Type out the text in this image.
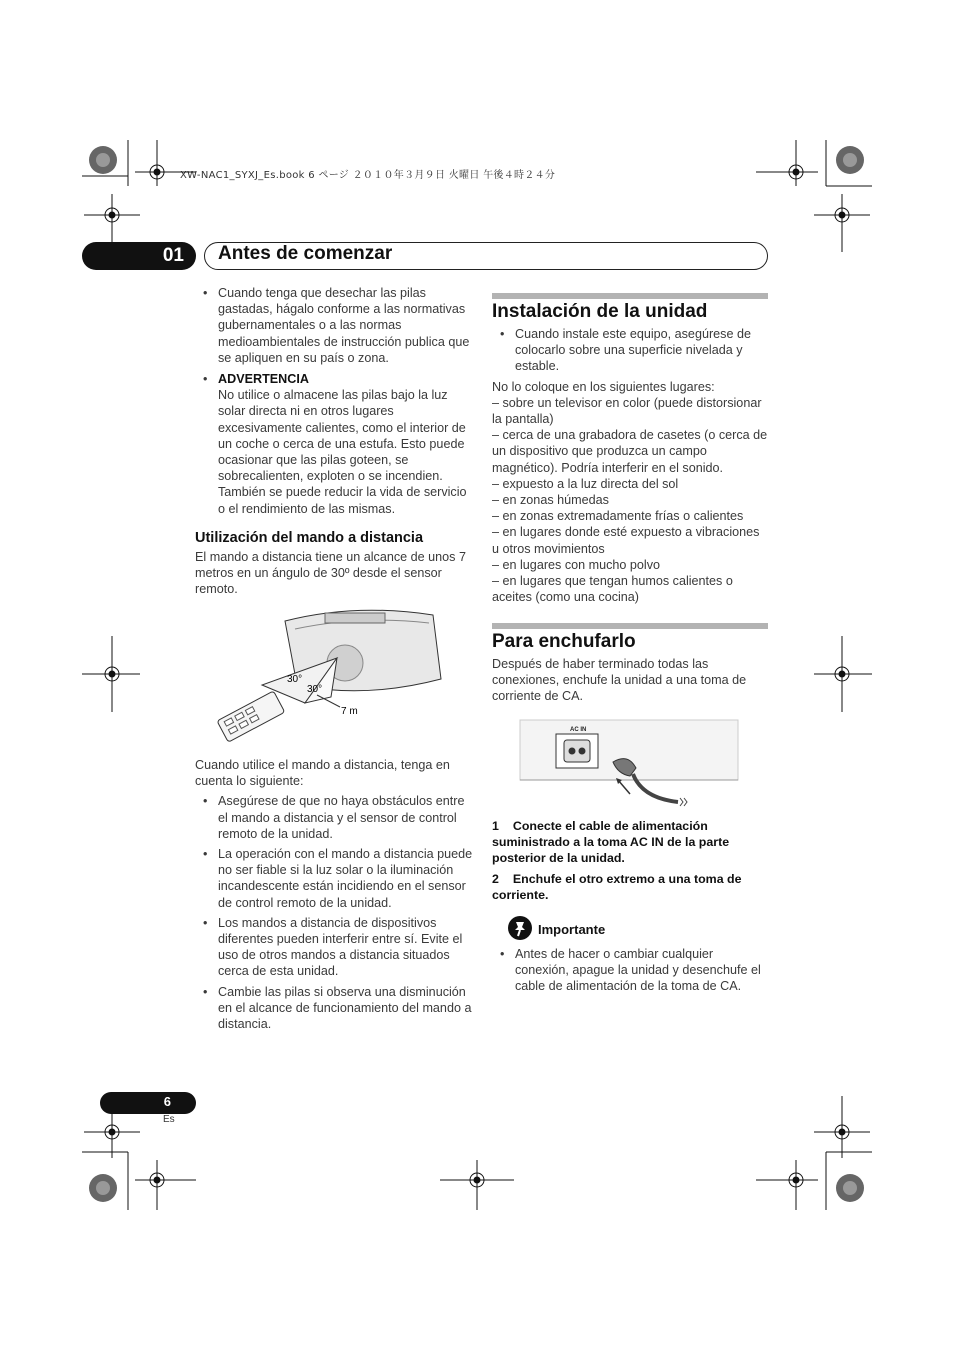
XW-NAC1_SYXJ_Es.book 6 ページ ２０１０年３月９日 火曜日 午後４時２４分
01 Antes de comenzar

• Cuando tenga que desechar las pilas gastadas, hágalo conforme a las normativas gubernamentales o a las normas medioambientales de instrucción publica que se apliquen en su país o zona.

• ADVERTENCIA
No utilice o almacene las pilas bajo la luz solar directa ni en otros lugares excesivamente calientes, como el interior de un coche o cerca de una estufa. Esto puede ocasionar que las pilas goteen, se sobrecalienten, exploten o se incendien. También se puede reducir la vida de servicio o el rendimiento de las mismas.

Utilización del mando a distancia
El mando a distancia tiene un alcance de unos 7 metros en un ángulo de 30º desde el sensor remoto.
30°
30°
7 m
Cuando utilice el mando a distancia, tenga en cuenta lo siguiente:

• Asegúrese de que no haya obstáculos entre el mando a distancia y el sensor de control remoto de la unidad.

• La operación con el mando a distancia puede no ser fiable si la luz solar o la iluminación incandescente están incidiendo en el sensor de control remoto de la unidad.

• Los mandos a distancia de dispositivos diferentes pueden interferir entre sí. Evite el uso de otros mandos a distancia situados cerca de esta unidad.

• Cambie las pilas si observa una disminución en el alcance de funcionamiento del mando a distancia.

Instalación de la unidad

• Cuando instale este equipo, asegúrese de colocarlo sobre una superficie nivelada y estable.

No lo coloque en los siguientes lugares:
– sobre un televisor en color (puede distorsionar la pantalla)
– cerca de una grabadora de casetes (o cerca de un dispositivo que produzca un campo magnético). Podría interferir en el sonido.
– expuesto a la luz directa del sol
– en zonas húmedas
– en zonas extremadamente frías o calientes
– en lugares donde esté expuesto a vibraciones u otros movimientos
– en lugares con mucho polvo
– en lugares que tengan humos calientes o aceites (como una cocina)
Para enchufarlo
Después de haber terminado todas las conexiones, enchufe la unidad a una toma de corriente de CA.
AC IN
1 Conecte el cable de alimentación suministrado a la toma AC IN de la parte posterior de la unidad.
2 Enchufe el otro extremo a una toma de corriente.
Importante

• Antes de hacer o cambiar cualquier conexión, apague la unidad y desenchufe el cable de alimentación de la toma de CA.

6
Es
